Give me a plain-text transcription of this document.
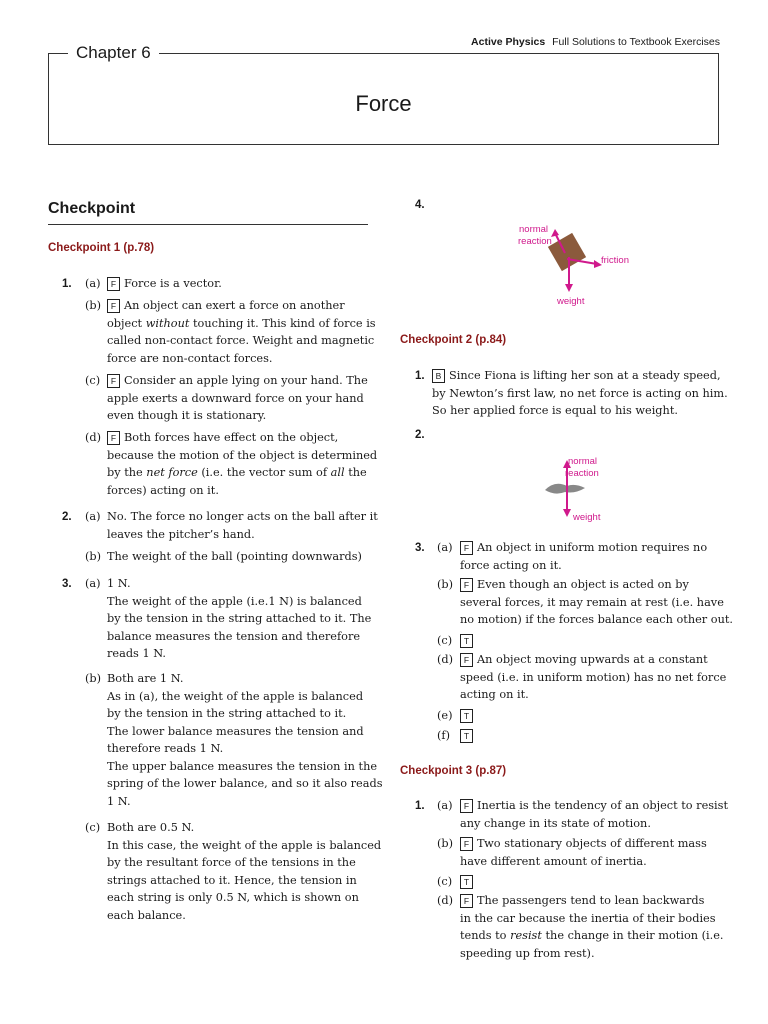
Active Physics Full Solutions to Textbook Exercises
Chapter 6
Force
Checkpoint
Checkpoint 1 (p.78)
1. (a)	F Force is a vector.
(b)	F An object can exert a force on another
object without touching it. This kind of force is
called non-contact force. Weight and magnetic
force are non-contact forces.
(c)	F Consider an apple lying on your hand. The
apple exerts a downward force on your hand
even though it is stationary.
(d)	F Both forces have effect on the object,
because the motion of the object is determined
by the net force (i.e. the vector sum of all the
forces) acting on it.
2. (a) No. The force no longer acts on the ball after it
leaves the pitcher’s hand.
(b) The weight of the ball (pointing downwards)
3. (a) 1 N.
The weight of the apple (i.e.1 N) is balanced
by the tension in the string attached to it. The
balance measures the tension and therefore
reads 1 N.
(b) Both are 1 N.
As in (a), the weight of the apple is balanced
by the tension in the string attached to it.
The lower balance measures the tension and
therefore reads 1 N.
The upper balance measures the tension in the
spring of the lower balance, and so it also reads
1 N.
(c) Both are 0.5 N.
In this case, the weight of the apple is balanced
by the resultant force of the tensions in the
strings attached to it. Hence, the tension in
each string is only 0.5 N, which is shown on
each balance.
4.
normal
reaction
friction
weight
Checkpoint 2 (p.84)
1.	B Since Fiona is lifting her son at a steady speed,
by Newton’s first law, no net force is acting on him.
So her applied force is equal to his weight.
2.
normal
reaction
weight
3. (a)	F An object in uniform motion requires no
force acting on it.
(b)	F Even though an object is acted on by
several forces, it may remain at rest (i.e. have
no motion) if the forces balance each other out.
(c)	T
(d)	F An object moving upwards at a constant
speed (i.e. in uniform motion) has no net force
acting on it.
(e)	T
(f)	T
Checkpoint 3 (p.87)
1. (a)	F Inertia is the tendency of an object to resist
any change in its state of motion.
(b)	F Two stationary objects of different mass
have different amount of inertia.
(c)	T
(d)	F The passengers tend to lean backwards
in the car because the inertia of their bodies
tends to resist the change in their motion (i.e.
speeding up from rest).
